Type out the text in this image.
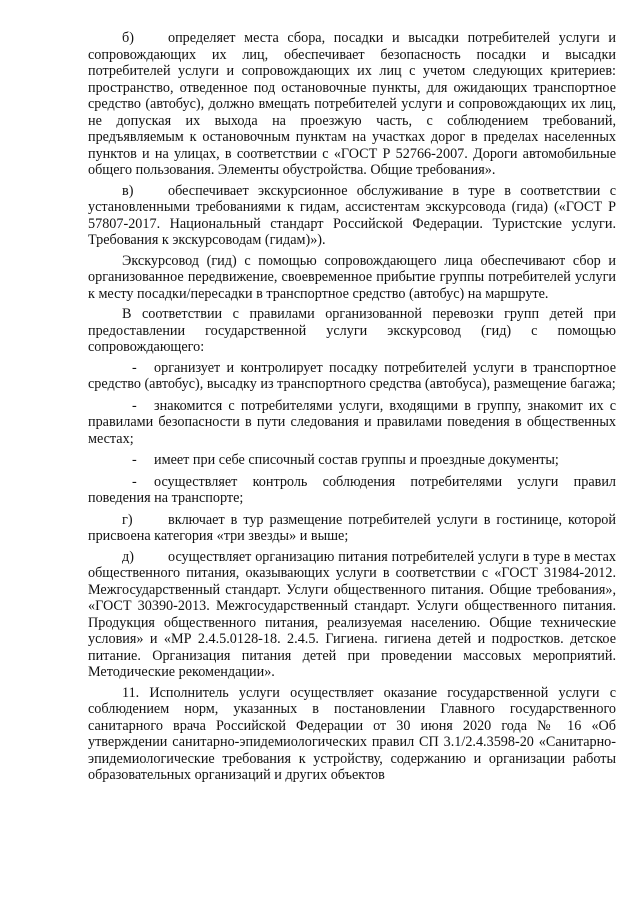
б) определяет места сбора, посадки и высадки потребителей услуги и сопровождающих их лиц, обеспечивает безопасность посадки и высадки потребителей услуги и сопровождающих их лиц с учетом следующих критериев: пространство, отведенное под остановочные пункты, для ожидающих транспортное средство (автобус), должно вмещать потребителей услуги и сопровождающих их лиц, не допуская их выхода на проезжую часть, с соблюдением требований, предъявляемым к остановочным пунктам на участках дорог в пределах населенных пунктов и на улицах, в соответствии с «ГОСТ Р 52766-2007. Дороги автомобильные общего пользования. Элементы обустройства. Общие требования».

в) обеспечивает экскурсионное обслуживание в туре в соответствии с установленными требованиями к гидам, ассистентам экскурсовода (гида) («ГОСТ Р 57807-2017. Национальный стандарт Российской Федерации. Туристские услуги. Требования к экскурсоводам (гидам)»).

Экскурсовод (гид) с помощью сопровождающего лица обеспечивают сбор и организованное передвижение, своевременное прибытие группы потребителей услуги к месту посадки/пересадки в транспортное средство (автобус) на маршруте.

В соответствии с правилами организованной перевозки групп детей при предоставлении государственной услуги экскурсовод (гид) с помощью сопровождающего:

- организует и контролирует посадку потребителей услуги в транспортное средство (автобус), высадку из транспортного средства (автобуса), размещение багажа;

- знакомится с потребителями услуги, входящими в группу, знакомит их с правилами безопасности в пути следования и правилами поведения в общественных местах;

- имеет при себе списочный состав группы и проездные документы;

- осуществляет контроль соблюдения потребителями услуги правил поведения на транспорте;

г) включает в тур размещение потребителей услуги в гостинице, которой присвоена категория «три звезды» и выше;

д) осуществляет организацию питания потребителей услуги в туре в местах общественного питания, оказывающих услуги в соответствии с «ГОСТ 31984-2012. Межгосударственный стандарт. Услуги общественного питания. Общие требования», «ГОСТ 30390-2013. Межгосударственный стандарт. Услуги общественного питания. Продукция общественного питания, реализуемая населению. Общие технические условия» и «МР 2.4.5.0128-18. 2.4.5. Гигиена. гигиена детей и подростков. детское питание. Организация питания детей при проведении массовых мероприятий. Методические рекомендации».

11. Исполнитель услуги осуществляет оказание государственной услуги с соблюдением норм, указанных в постановлении Главного государственного санитарного врача Российской Федерации от 30 июня 2020 года № 16 «Об утверждении санитарно-эпидемиологических правил СП 3.1/2.4.3598-20 «Санитарно-эпидемиологические требования к устройству, содержанию и организации работы образовательных организаций и других объектов
